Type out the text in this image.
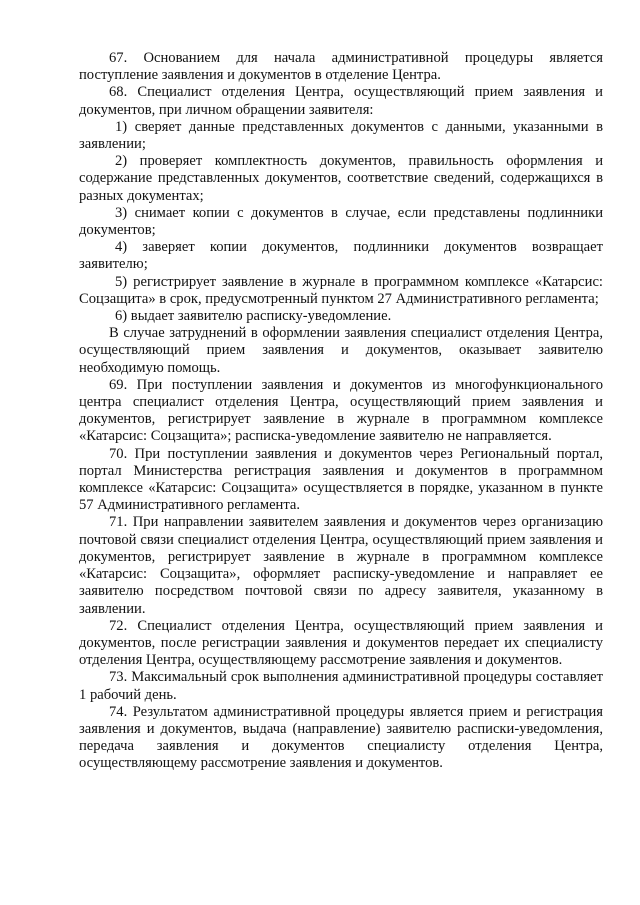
67. Основанием для начала административной процедуры является поступление заявления и документов в отделение Центра.

68. Специалист отделения Центра, осуществляющий прием заявления и документов, при личном обращении заявителя:

1) сверяет данные представленных документов с данными, указанными в заявлении;

2) проверяет комплектность документов, правильность оформления и содержание представленных документов, соответствие сведений, содержащихся в разных документах;

3) снимает копии с документов в случае, если представлены подлинники документов;

4) заверяет копии документов, подлинники документов возвращает заявителю;

5) регистрирует заявление в журнале в программном комплексе «Катарсис: Соцзащита» в срок, предусмотренный пунктом 27 Административного регламента;

6) выдает заявителю расписку-уведомление.

В случае затруднений в оформлении заявления специалист отделения Центра, осуществляющий прием заявления и документов, оказывает заявителю необходимую помощь.

69. При поступлении заявления и документов из многофункционального центра специалист отделения Центра, осуществляющий прием заявления и документов, регистрирует заявление в журнале в программном комплексе «Катарсис: Соцзащита»; расписка-уведомление заявителю не направляется.

70. При поступлении заявления и документов через Региональный портал, портал Министерства регистрация заявления и документов в программном комплексе «Катарсис: Соцзащита» осуществляется в порядке, указанном в пункте 57 Административного регламента.

71. При направлении заявителем заявления и документов через организацию почтовой связи специалист отделения Центра, осуществляющий прием заявления и документов, регистрирует заявление в журнале в программном комплексе «Катарсис: Соцзащита», оформляет расписку-уведомление и направляет ее заявителю посредством почтовой связи по адресу заявителя, указанному в заявлении.

72. Специалист отделения Центра, осуществляющий прием заявления и документов, после регистрации заявления и документов передает их специалисту отделения Центра, осуществляющему рассмотрение заявления и документов.

73. Максимальный срок выполнения административной процедуры составляет 1 рабочий день.

74. Результатом административной процедуры является прием и регистрация заявления и документов, выдача (направление) заявителю расписки-уведомления, передача заявления и документов специалисту отделения Центра, осуществляющему рассмотрение заявления и документов.
